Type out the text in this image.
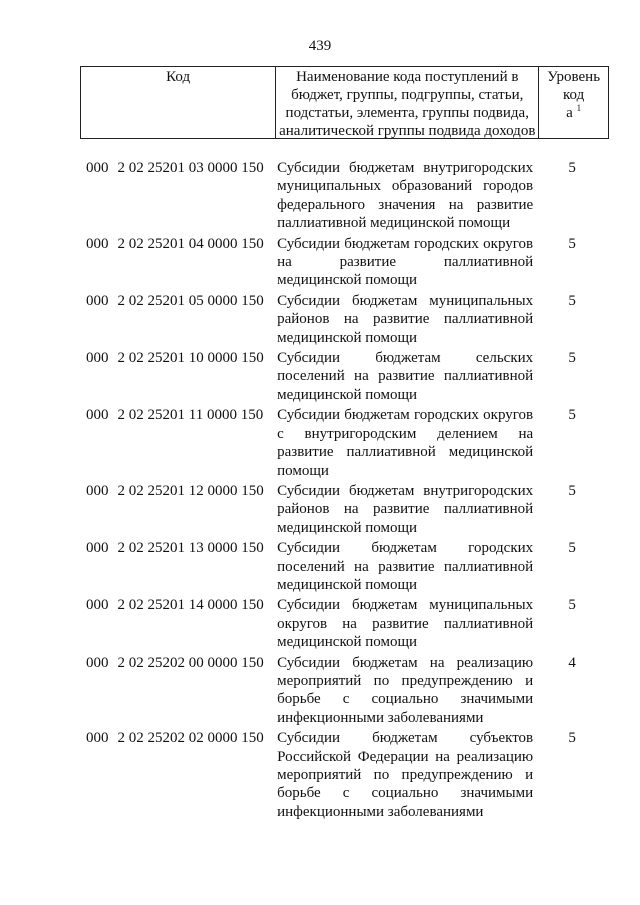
439
Код	Наименование кода поступлений в бюджет, группы, подгруппы, статьи, подстатьи, элемента, группы подвида, аналитической группы подвида доходов
Уровень код
а $^1$
000 2 02 25201 03 0000 150 Субсидии бюджетам внутригородских муниципальных образований городов федерального значения на развитие паллиативной медицинской помощи
5
000 2 02 25201 04 0000 150 Субсидии бюджетам городских округов на развитие паллиативной медицинской помощи
5
000 2 02 25201 05 0000 150 Субсидии бюджетам муниципальных районов на развитие паллиативной медицинской помощи
5
000 2 02 25201 10 0000 150 Субсидии бюджетам сельских поселений на развитие паллиативной медицинской помощи
5
000 2 02 25201 11 0000 150 Субсидии бюджетам городских округов с внутригородским делением на развитие паллиативной медицинской помощи
5
000 2 02 25201 12 0000 150 Субсидии бюджетам внутригородских районов на развитие паллиативной медицинской помощи
5
000 2 02 25201 13 0000 150 Субсидии бюджетам городских поселений на развитие паллиативной медицинской помощи
5
000 2 02 25201 14 0000 150 Субсидии бюджетам муниципальных округов на развитие паллиативной медицинской помощи
5
000 2 02 25202 00 0000 150 Субсидии бюджетам на реализацию мероприятий по предупреждению и борьбе с социально значимыми инфекционными заболеваниями
4
000 2 02 25202 02 0000 150 Субсидии бюджетам субъектов Российской Федерации на реализацию мероприятий по предупреждению и борьбе с социально значимыми инфекционными заболеваниями
5
